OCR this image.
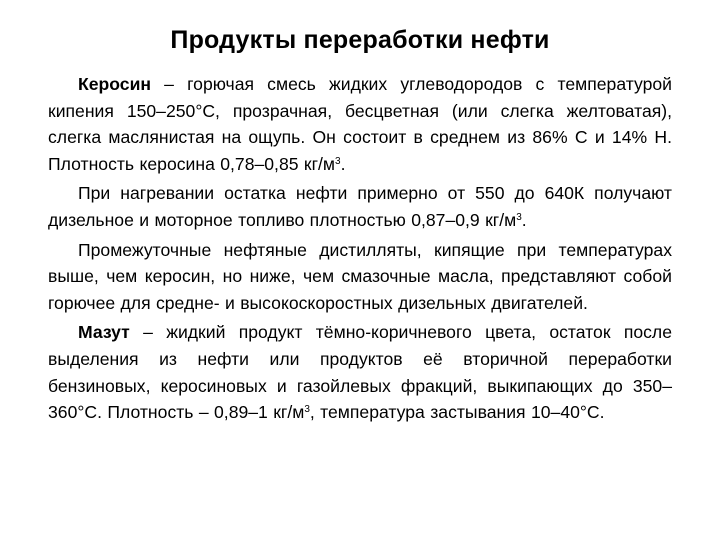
Продукты переработки нефти

Керосин – горючая смесь жидких углеводородов с температурой кипения 150–250°С, прозрачная, бесцветная (или слегка желтоватая), слегка маслянистая на ощупь. Он состоит в среднем из 86% С и 14% Н. Плотность керосина 0,78–0,85 $кг/м^3$.

При нагревании остатка нефти примерно от 550 до 640К получают дизельное и моторное топливо плотностью 0,87–0,9 $кг/м^3$.

Промежуточные нефтяные дистилляты, кипящие при температурах выше, чем керосин, но ниже, чем смазочные масла, представляют собой горючее для средне- и высокоскоростных дизельных двигателей.

Мазут – жидкий продукт тёмно-коричневого цвета, остаток после выделения из нефти или продуктов её вторичной переработки бензиновых, керосиновых и газойлевых фракций, выкипающих до 350–360°С. Плотность – 0,89–1 $кг/м^3$, температура застывания 10–40°С.
